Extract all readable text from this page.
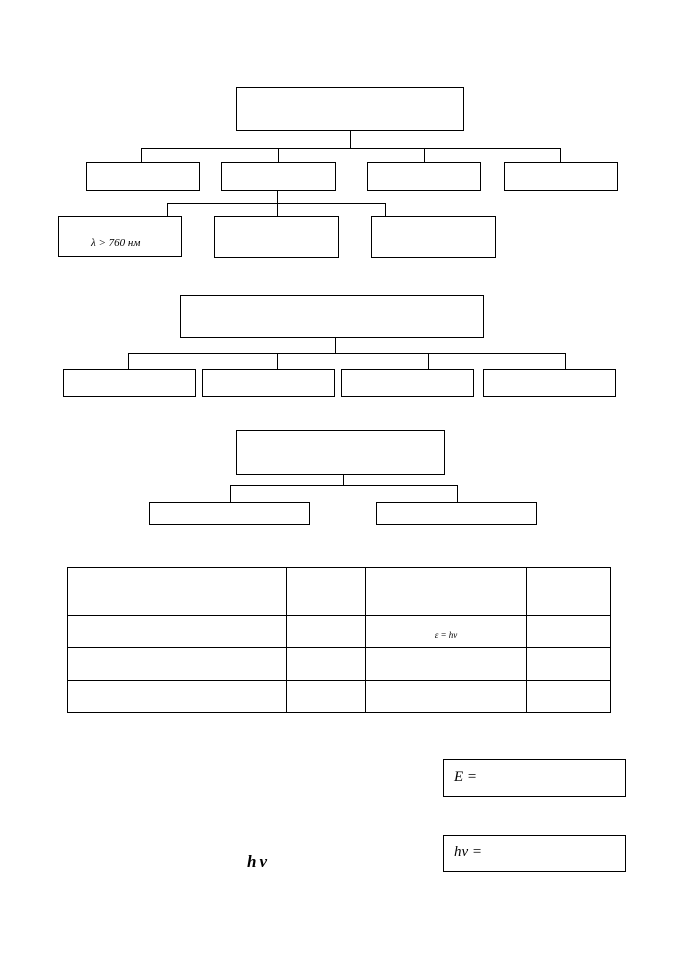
λ > 760 нм

		ε = hν	

E =
hν =
hν
